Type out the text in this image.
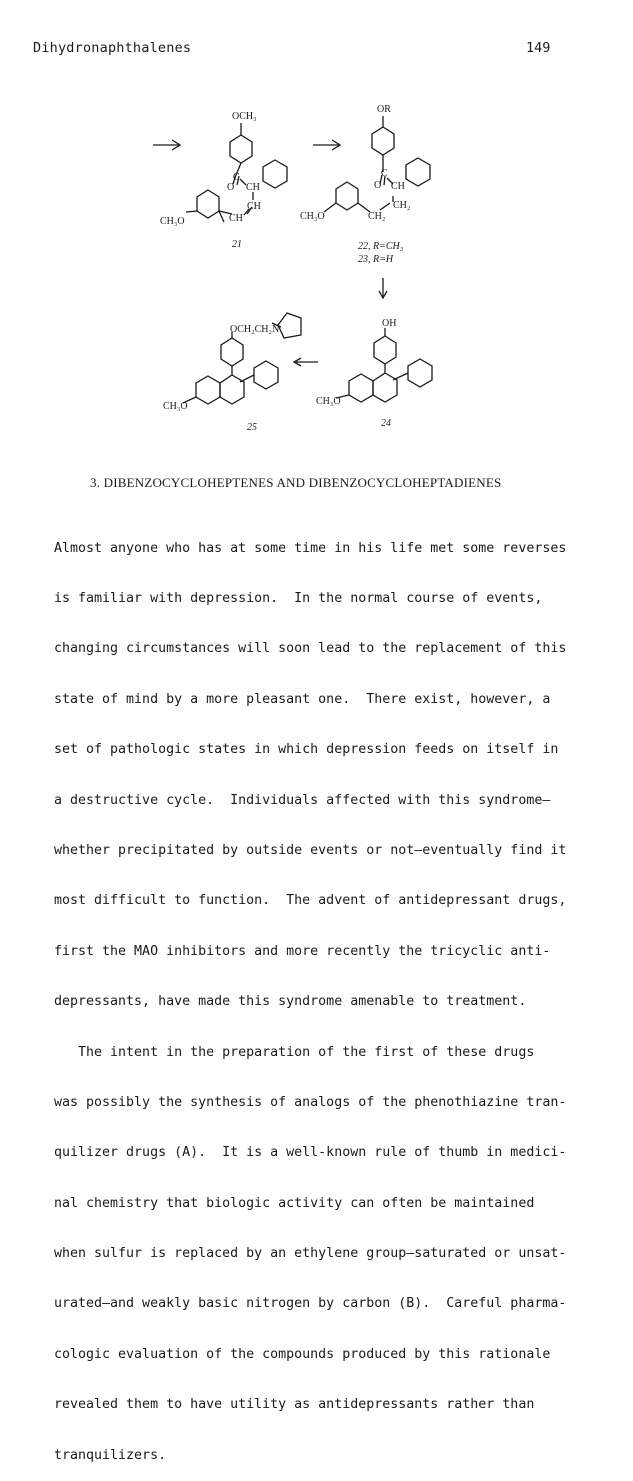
Dihydronaphthalenes	149
OCH₃
C
O CH
CH
CH
CH₃O
21
OR
C
O CH
CH₂
CH₂
CH₃O
22, R=CH₃
23, R=H
OH
CH₃O
24
OCH₂CH₂N
CH₃O
25
3. DIBENZOCYCLOHEPTENES AND DIBENZOCYCLOHEPTADIENES

Almost anyone who has at some time in his life met some reverses

is familiar with depression.  In the normal course of events,

changing circumstances will soon lead to the replacement of this

state of mind by a more pleasant one.  There exist, however, a

set of pathologic states in which depression feeds on itself in

a destructive cycle.  Individuals affected with this syndrome—

whether precipitated by outside events or not—eventually find it

most difficult to function.  The advent of antidepressant drugs,

first the MAO inhibitors and more recently the tricyclic anti-

depressants, have made this syndrome amenable to treatment.

The intent in the preparation of the first of these drugs

was possibly the synthesis of analogs of the phenothiazine tran-

quilizer drugs (A).  It is a well-known rule of thumb in medici-

nal chemistry that biologic activity can often be maintained

when sulfur is replaced by an ethylene group—saturated or unsat-

urated—and weakly basic nitrogen by carbon (B).  Careful pharma-

cologic evaluation of the compounds produced by this rationale

revealed them to have utility as antidepressants rather than

tranquilizers.
